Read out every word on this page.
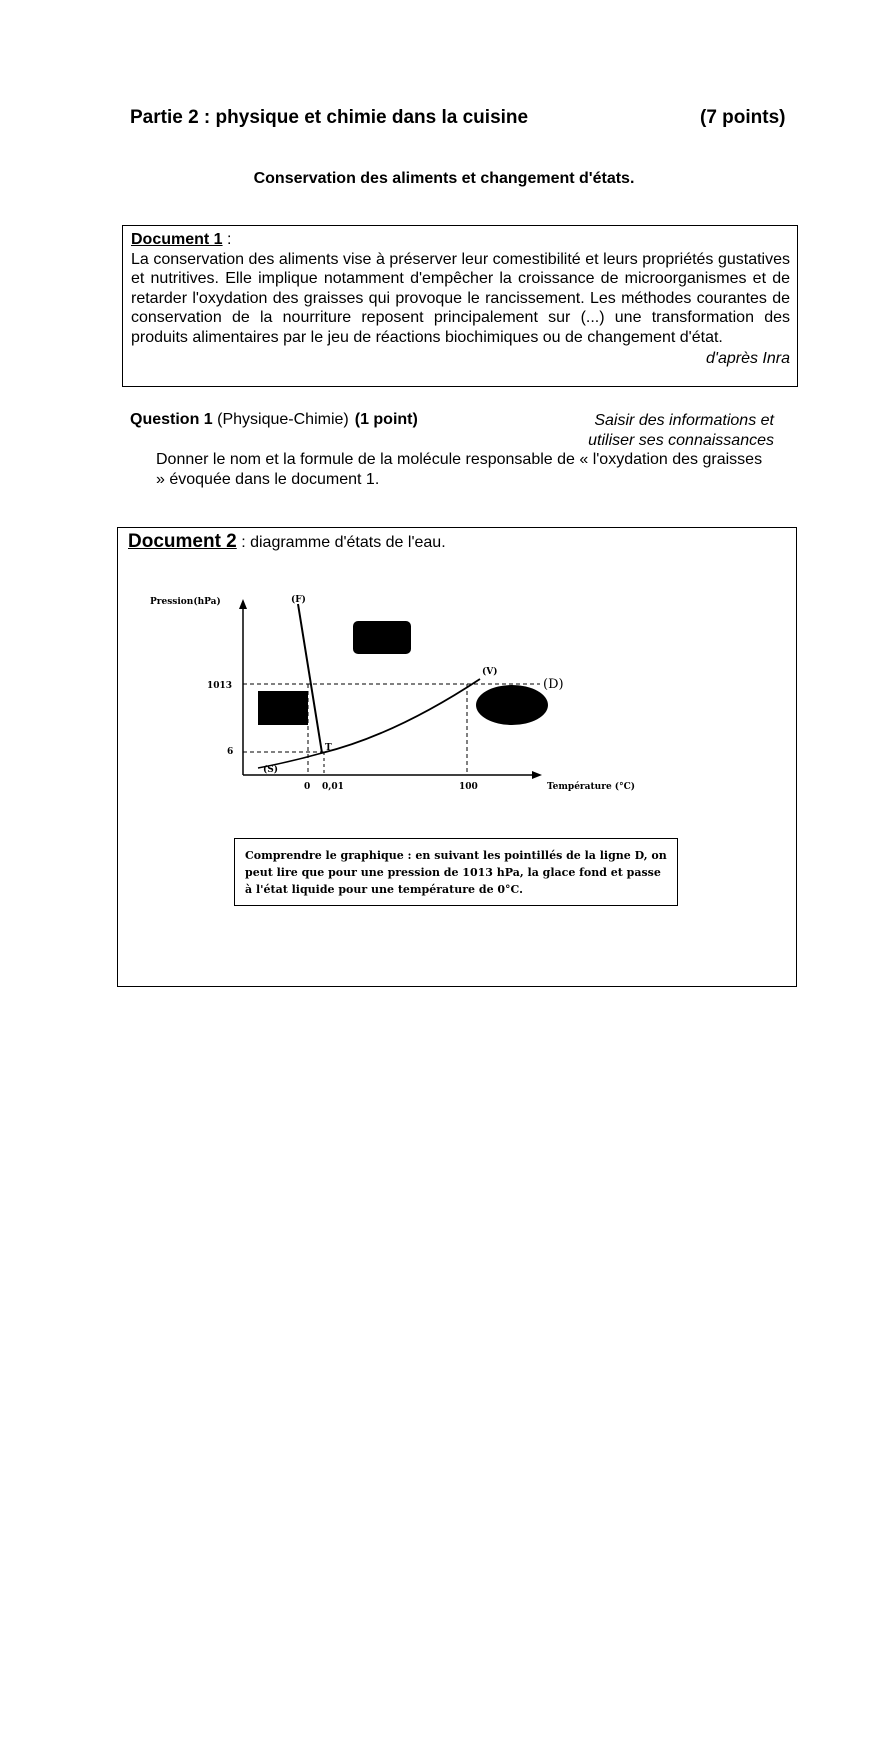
Partie 2 : physique et chimie dans la cuisine	(7 points)
Conservation des aliments et changement d'états.
Document 1 :
La conservation des aliments vise à préserver leur comestibilité et leurs propriétés gustatives et nutritives. Elle implique notamment d'empêcher la croissance de microorganismes et de retarder l'oxydation des graisses qui provoque le rancissement. Les méthodes courantes de conservation de la nourriture reposent principalement sur (...) une transformation des produits alimentaires par le jeu de réactions biochimiques ou de changement d'état.
d'après Inra
Question 1 (Physique-Chimie) (1 point)	Saisir des informations et utiliser ses connaissances
Donner le nom et la formule de la molécule responsable de « l'oxydation des graisses » évoquée dans le document 1.
Document 2 : diagramme d'états de l'eau.
Pression(hPa)	(F)
(V)
(S)
T
(D)
1013
6
0 0,01	100	Température (°C)
Comprendre le graphique : en suivant les pointillés de la ligne D, on peut lire que pour une pression de 1013 hPa, la glace fond et passe à l'état liquide pour une température de 0°C.
